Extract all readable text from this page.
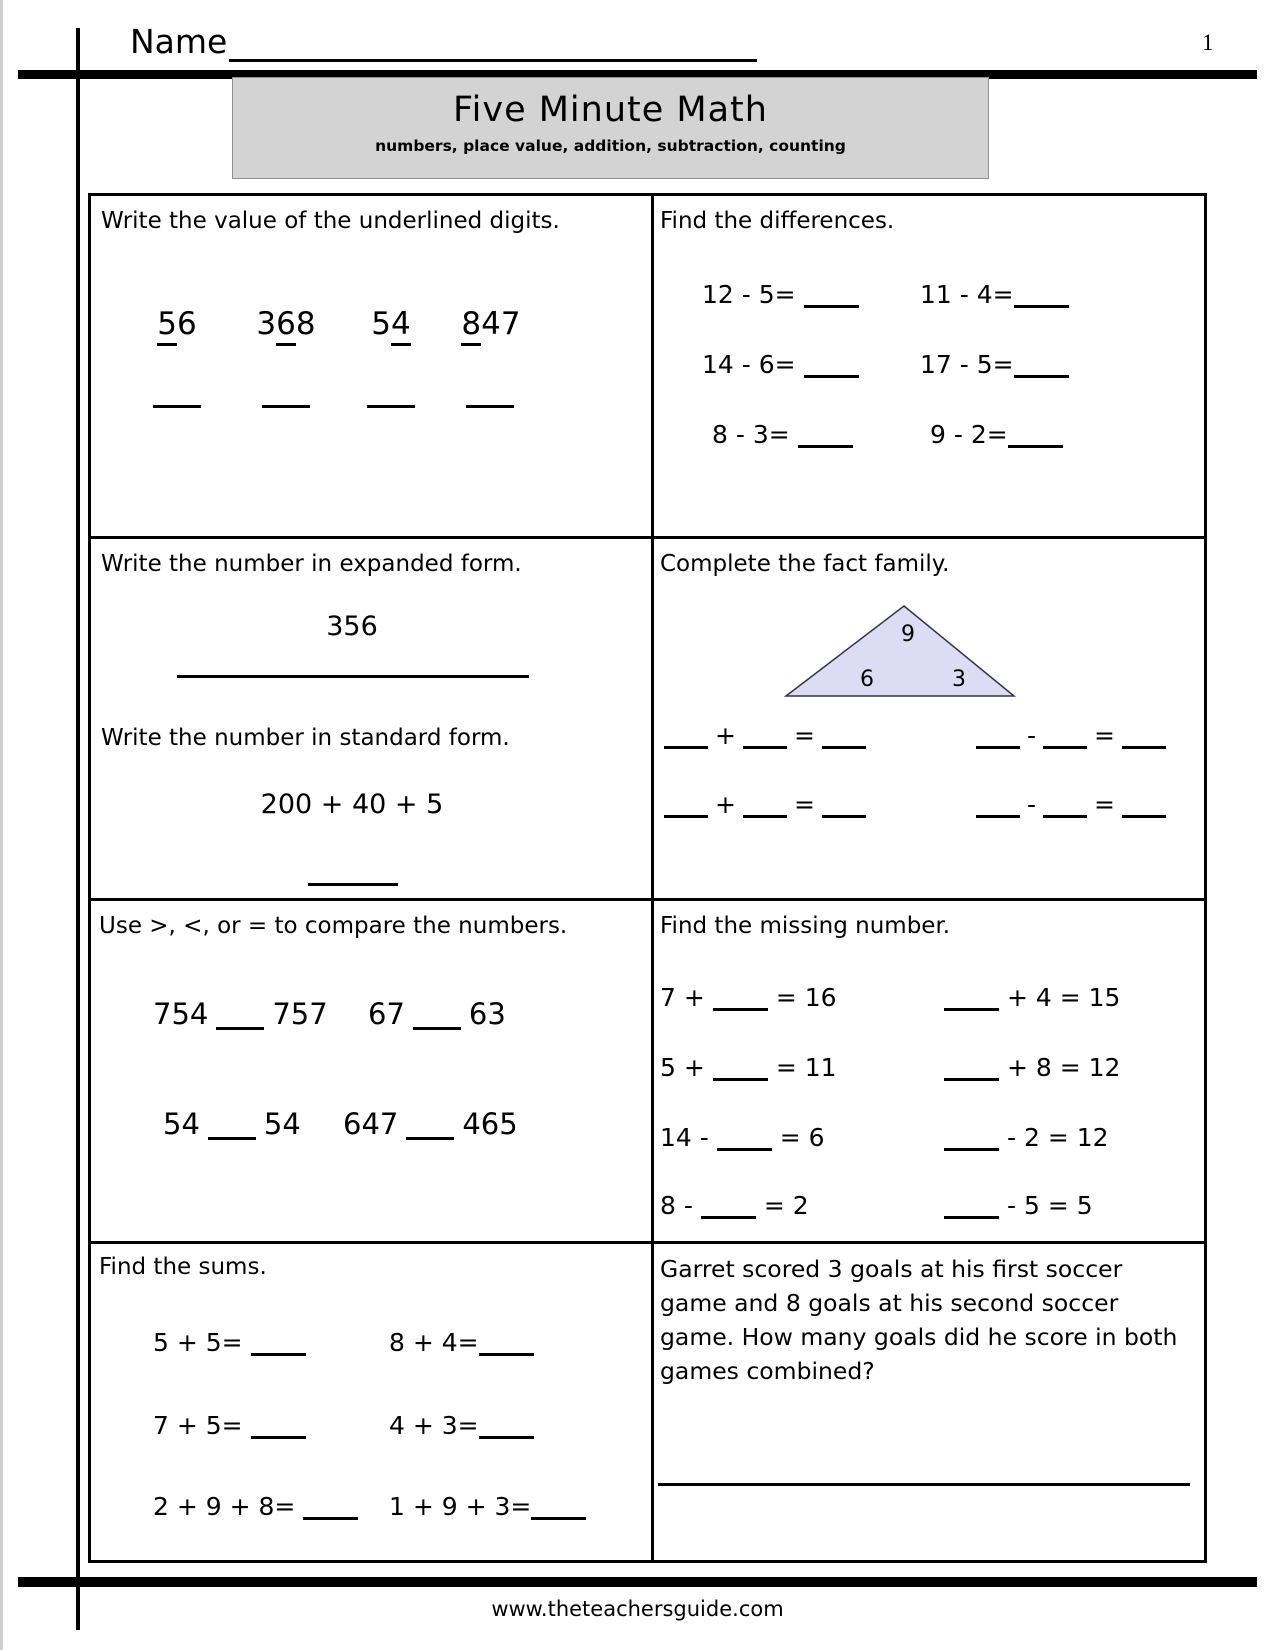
Name	1
Five Minute Math
numbers, place value, addition, subtraction, counting
Write the value of the underlined digits.
56	368	54	847
Find the differences.
12 - 5=	11 - 4=
14 - 6=	17 - 5=
8 - 3=	9 - 2=
Write the number in expanded form.
356
Write the number in standard form.
200 + 40 + 5
Complete the fact family.
9
6	3
+ =	- =
+ =	- =
Use >, <, or = to compare the numbers.
754 757 67 63
54 54 647 465
Find the missing number.
7 +	= 16	+ 4 = 15
5 +	= 11	+ 8 = 12
14 -	= 6	- 2 = 12
8 -	= 2	- 5 = 5
Find the sums.
5 + 5=	8 + 4=
7 + 5=	4 + 3=
2 + 9 + 8=	1 + 9 + 3=
Garret scored 3 goals at his first soccer game and 8 goals at his second soccer game. How many goals did he score in both games combined?
www.theteachersguide.com
